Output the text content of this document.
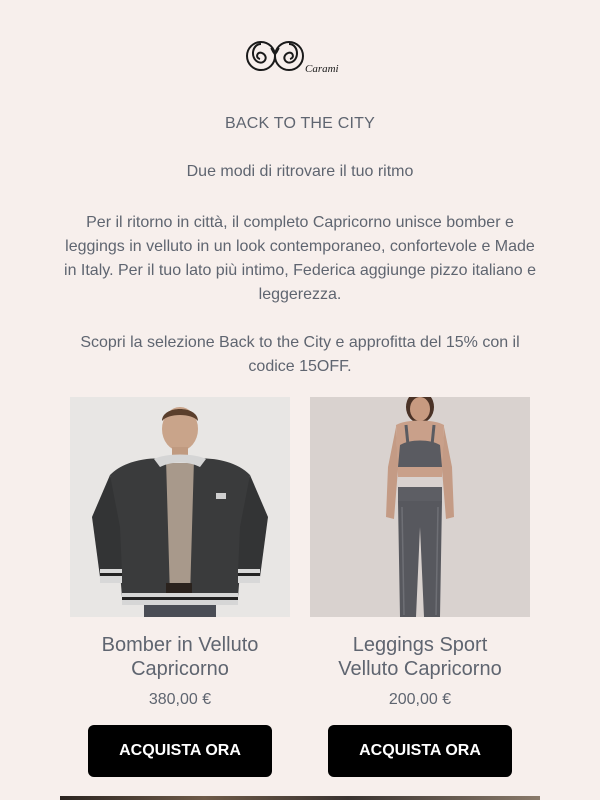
Carami
BACK TO THE CITY
Due modi di ritrovare il tuo ritmo

Per il ritorno in città, il completo Capricorno unisce bomber e leggings in velluto in un look contemporaneo, confortevole e Made in Italy. Per il tuo lato più intimo, Federica aggiunge pizzo italiano e leggerezza.

Scopri la selezione Back to the City e approfitta del 15% con il codice 15OFF.

Bomber in Velluto Capricorno
380,00 €
ACQUISTA ORA
Leggings Sport Velluto Capricorno
200,00 €
ACQUISTA ORA
